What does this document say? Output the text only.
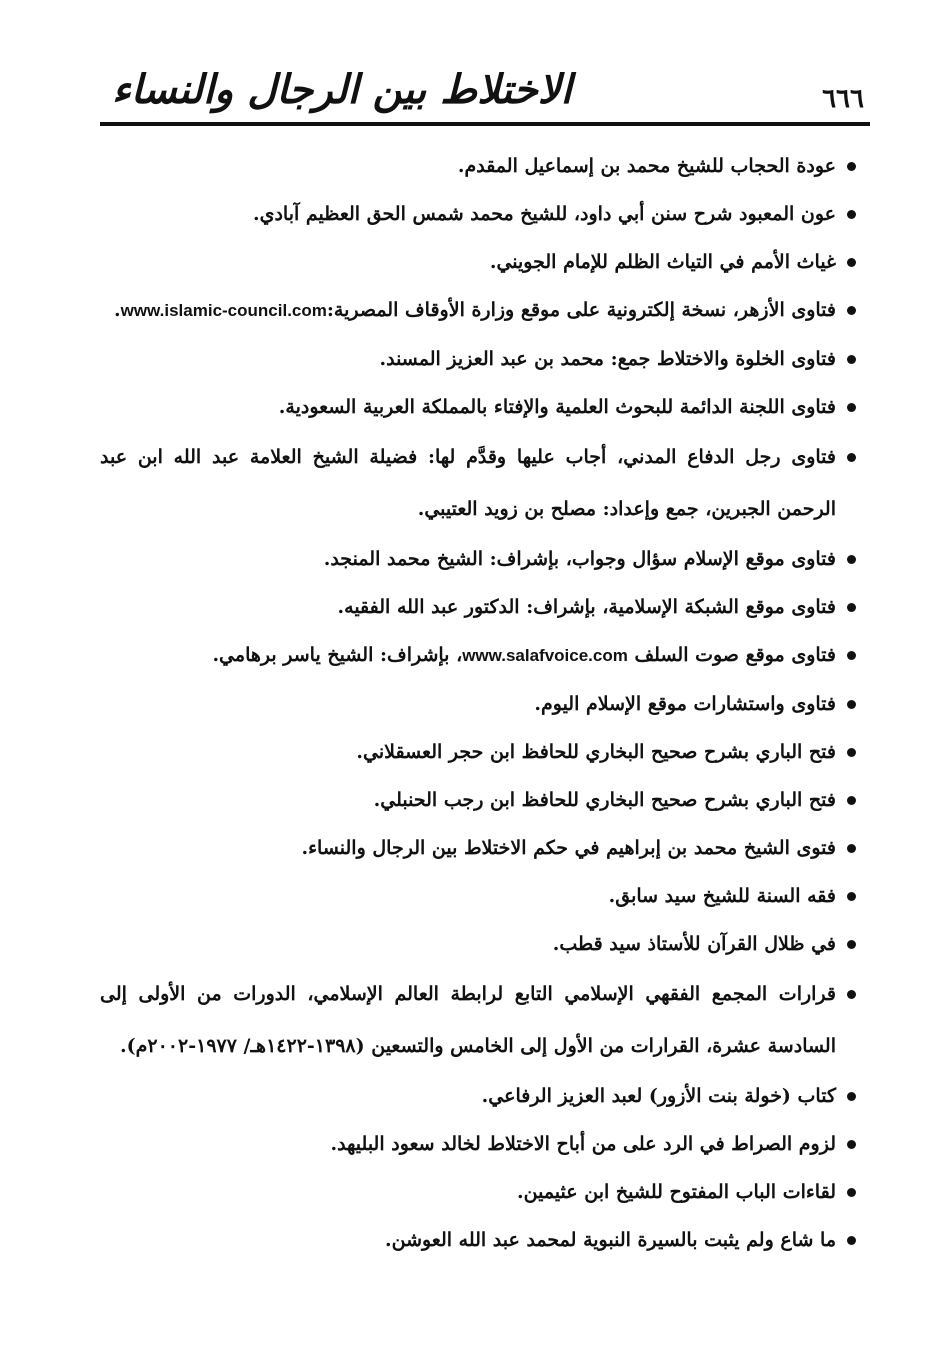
الاختلاط بين الرجال والنساء	٦٦٦
عودة الحجاب للشيخ محمد بن إسماعيل المقدم.
عون المعبود شرح سنن أبي داود، للشيخ محمد شمس الحق العظيم آبادي.
غياث الأمم في التياث الظلم للإمام الجويني.
فتاوى الأزهر، نسخة إلكترونية على موقع وزارة الأوقاف المصرية:www.islamic-council.com.
فتاوى الخلوة والاختلاط جمع: محمد بن عبد العزيز المسند.
فتاوى اللجنة الدائمة للبحوث العلمية والإفتاء بالمملكة العربية السعودية.
فتاوى رجل الدفاع المدني، أجاب عليها وقدَّم لها: فضيلة الشيخ العلامة عبد الله ابن عبد الرحمن الجبرين، جمع وإعداد: مصلح بن زويد العتيبي.
فتاوى موقع الإسلام سؤال وجواب، بإشراف: الشيخ محمد المنجد.
فتاوى موقع الشبكة الإسلامية، بإشراف: الدكتور عبد الله الفقيه.
فتاوى موقع صوت السلف www.salafvoice.com، بإشراف: الشيخ ياسر برهامي.
فتاوى واستشارات موقع الإسلام اليوم.
فتح الباري بشرح صحيح البخاري للحافظ ابن حجر العسقلاني.
فتح الباري بشرح صحيح البخاري للحافظ ابن رجب الحنبلي.
فتوى الشيخ محمد بن إبراهيم في حكم الاختلاط بين الرجال والنساء.
فقه السنة للشيخ سيد سابق.
في ظلال القرآن للأستاذ سيد قطب.
قرارات المجمع الفقهي الإسلامي التابع لرابطة العالم الإسلامي، الدورات من الأولى إلى السادسة عشرة، القرارات من الأول إلى الخامس والتسعين (١٣٩٨-١٤٢٢هـ/ ١٩٧٧-٢٠٠٢م).
كتاب (خولة بنت الأزور) لعبد العزيز الرفاعي.
لزوم الصراط في الرد على من أباح الاختلاط لخالد سعود البليهد.
لقاءات الباب المفتوح للشيخ ابن عثيمين.
ما شاع ولم يثبت بالسيرة النبوية لمحمد عبد الله العوشن.
